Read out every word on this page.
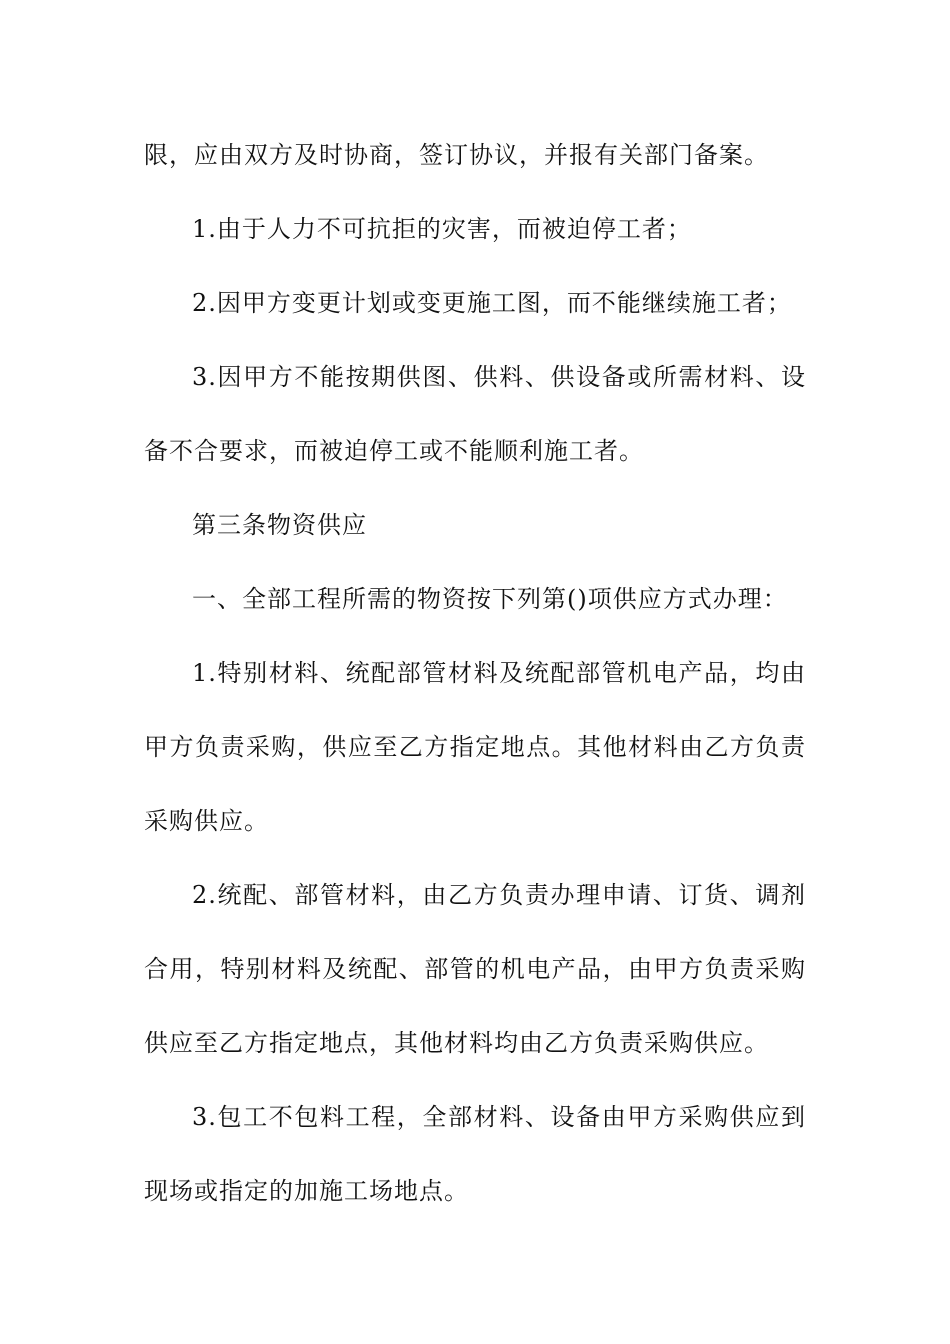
限，应由双方及时协商，签订协议，并报有关部门备案。

1.由于人力不可抗拒的灾害，而被迫停工者；

2.因甲方变更计划或变更施工图，而不能继续施工者；

3.因甲方不能按期供图、供料、供设备或所需材料、设备不合要求，而被迫停工或不能顺利施工者。

第三条物资供应

一、全部工程所需的物资按下列第()项供应方式办理：

1.特别材料、统配部管材料及统配部管机电产品，均由甲方负责采购，供应至乙方指定地点。其他材料由乙方负责采购供应。

2.统配、部管材料，由乙方负责办理申请、订货、调剂合用，特别材料及统配、部管的机电产品，由甲方负责采购供应至乙方指定地点，其他材料均由乙方负责采购供应。

3.包工不包料工程，全部材料、设备由甲方采购供应到现场或指定的加施工场地点。
